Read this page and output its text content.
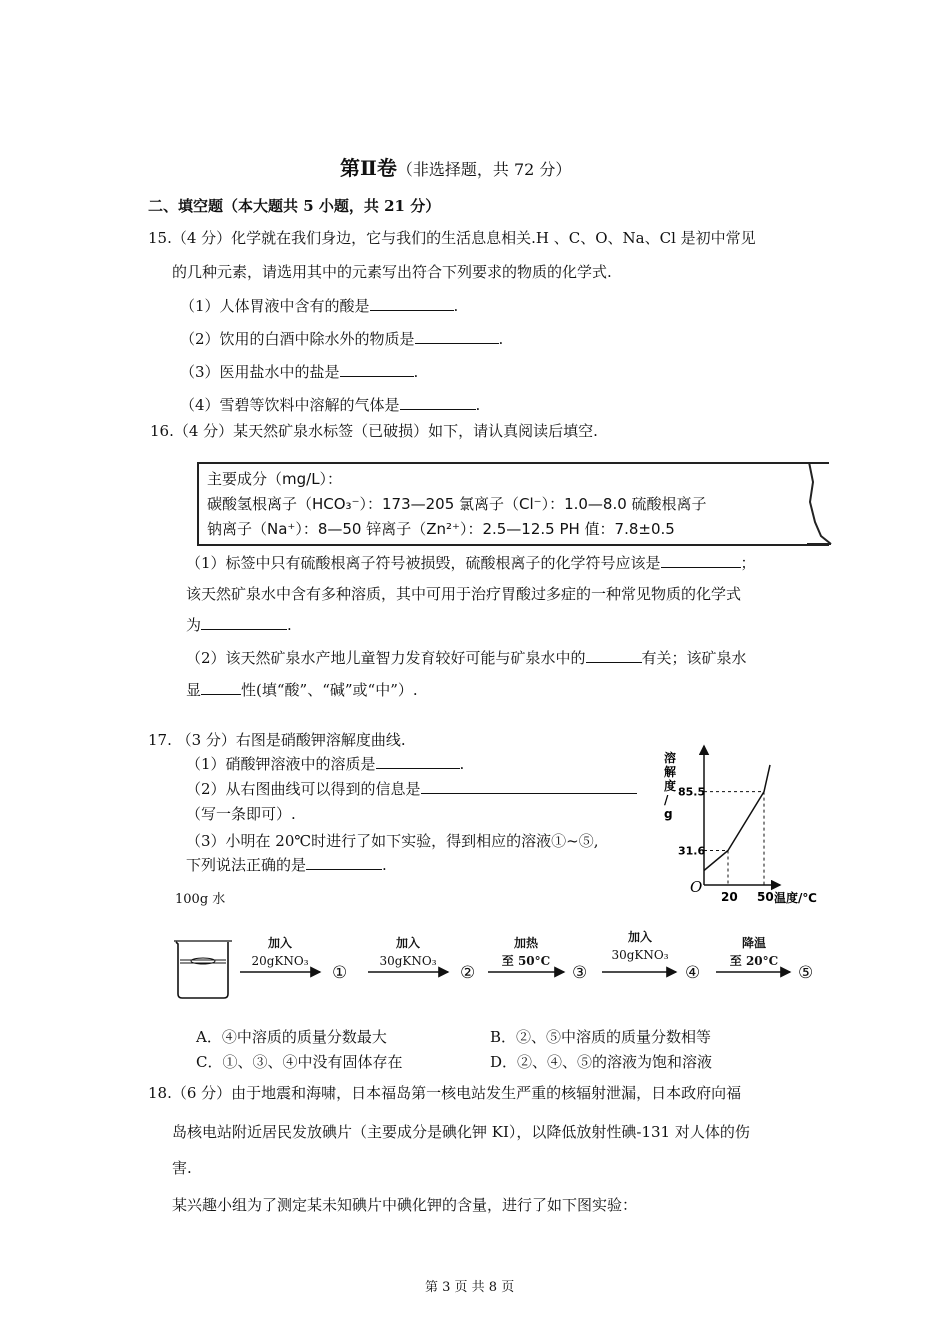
第Ⅱ卷（非选择题，共 72 分）
二、填空题（本大题共 5 小题，共 21 分）
15.（4 分）化学就在我们身边，它与我们的生活息息相关.H 、C、O、Na、Cl 是初中常见
的几种元素，请选用其中的元素写出符合下列要求的物质的化学式.
（1）人体胃液中含有的酸是	.
（2）饮用的白酒中除水外的物质是	.
（3）医用盐水中的盐是	.
（4）雪碧等饮料中溶解的气体是	.
16.（4 分）某天然矿泉水标签（已破损）如下，请认真阅读后填空.
主要成分（mg/L）：
碳酸氢根离子（HCO₃⁻）：173—205 氯离子（Cl⁻）：1.0—8.0 硫酸根离子
钠离子（Na⁺）：8—50 锌离子（Zn²⁺）：2.5—12.5 PH 值：7.8±0.5
（1）标签中只有硫酸根离子符号被损毁，硫酸根离子的化学符号应该是	；
该天然矿泉水中含有多种溶质，其中可用于治疗胃酸过多症的一种常见物质的化学式
为	.
（2）该天然矿泉水产地儿童智力发育较好可能与矿泉水中的	有关；该矿泉水
显	性(填“酸”、“碱”或“中”）.
17. （3 分）右图是硝酸钾溶解度曲线.
（1）硝酸钾溶液中的溶质是	.
（2）从右图曲线可以得到的信息是
（写一条即可）.
（3）小明在 20℃时进行了如下实验，得到相应的溶液①~⑤,
下列说法正确的是	.
20
31.6
50
85.5
溶
解
度
/
g
O
温度/℃
100g 水
加入
20gKNO₃
①
加入
30gKNO₃
②
加热
至 50°C
③
加入
30gKNO₃
④
降温
至 20°C
⑤
A．④中溶质的质量分数最大	B．②、⑤中溶质的质量分数相等
C．①、③、④中没有固体存在	D．②、④、⑤的溶液为饱和溶液
18.（6 分）由于地震和海啸，日本福岛第一核电站发生严重的核辐射泄漏，日本政府向福
岛核电站附近居民发放碘片（主要成分是碘化钾 KI），以降低放射性碘-131 对人体的伤
害.
某兴趣小组为了测定某未知碘片中碘化钾的含量，进行了如下图实验：
第 3 页 共 8 页
